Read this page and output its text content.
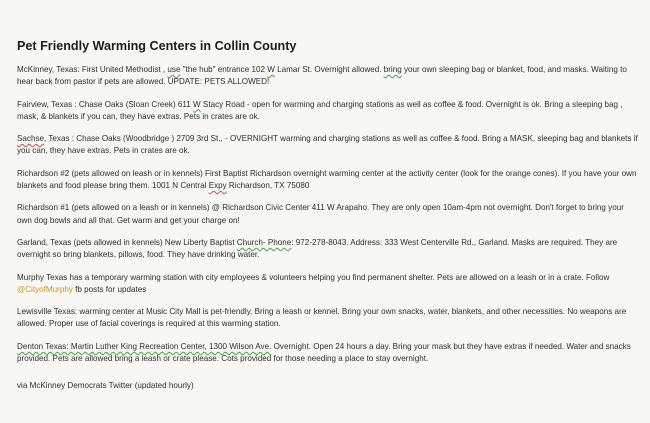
Pet Friendly Warming Centers in Collin County
McKinney, Texas: First United Methodist , use "the hub" entrance 102 W Lamar St. Overnight allowed. bring your own sleeping bag or blanket, food, and masks. Waiting to hear back from pastor if pets are allowed. UPDATE: PETS ALLOWED!
Fairview, Texas : Chase Oaks (Sloan Creek) 611 W Stacy Road - open for warming and charging stations as well as coffee & food. Overnight is ok. Bring a sleeping bag , mask, & blankets if you can, they have extras. Pets in crates are ok.
Sachse, Texas : Chase Oaks (Woodbridge ) 2709 3rd St., - OVERNIGHT warming and charging stations as well as coffee & food. Bring a MASK, sleeping bag and blankets if you can, they have extras. Pets in crates are ok.
Richardson #2 (pets allowed on leash or in kennels) First Baptist Richardson overnight warming center at the activity center (look for the orange cones). If you have your own blankets and food please bring them. 1001 N Central Expy Richardson, TX 75080
Richardson #1 (pets allowed on a leash or in kennels) @ Richardson Civic Center 411 W Arapaho. They are only open 10am-4pm not overnight. Don't forget to bring your own dog bowls and all that. Get warm and get your charge on!
Garland, Texas (pets allowed in kennels) New Liberty Baptist Church- Phone: 972-278-8043. Address: 333 West Centerville Rd., Garland. Masks are required. They are overnight so bring blankets, pillows, food. They have drinking water.
Murphy Texas has a temporary warming station with city employees & volunteers helping you find permanent shelter. Pets are allowed on a leash or in a crate. Follow @CityofMurphy fb posts for updates
Lewisville Texas: warming center at Music City Mall is pet-friendly. Bring a leash or kennel. Bring your own snacks, water, blankets, and other necessities. No weapons are allowed. Proper use of facial coverings is required at this warming station.
Denton Texas: Martin Luther King Recreation Center, 1300 Wilson Ave. Overnight. Open 24 hours a day. Bring your mask but they have extras if needed. Water and snacks provided. Pets are allowed bring a leash or crate please. Cots provided for those needing a place to stay overnight.
via McKinney Democrats Twitter (updated hourly)
